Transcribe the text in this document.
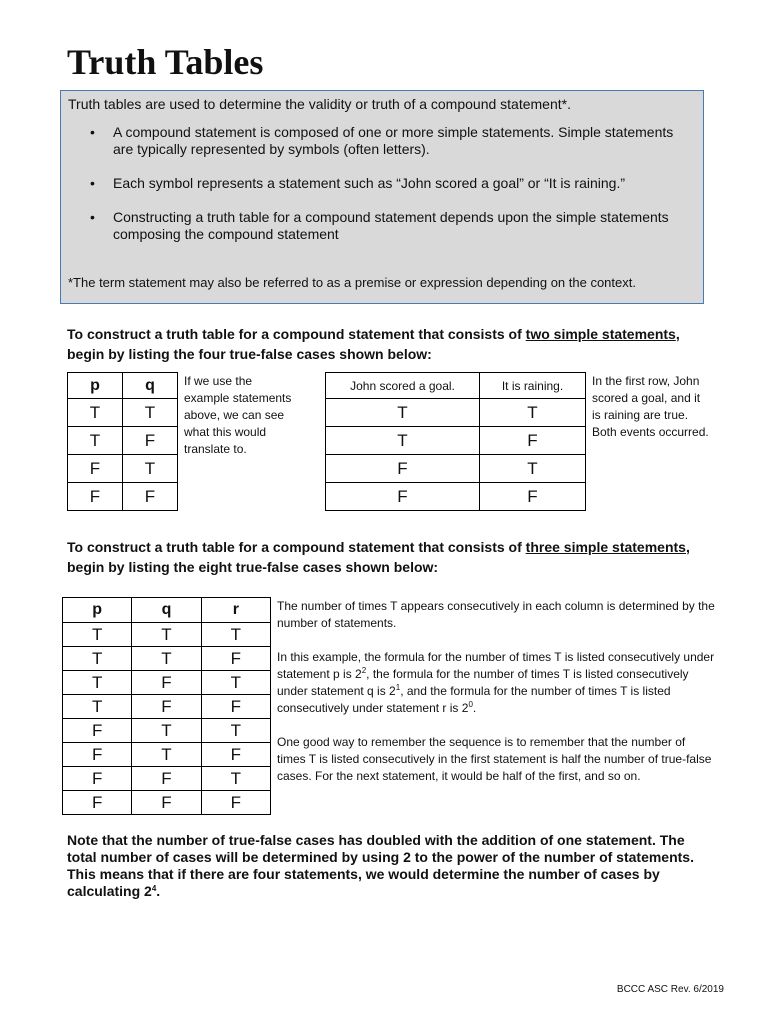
Truth Tables
Truth tables are used to determine the validity or truth of a compound statement*.
• A compound statement is composed of one or more simple statements. Simple statements are typically represented by symbols (often letters).
• Each symbol represents a statement such as “John scored a goal” or “It is raining.”
• Constructing a truth table for a compound statement depends upon the simple statements composing the compound statement
*The term statement may also be referred to as a premise or expression depending on the context.

To construct a truth table for a compound statement that consists of two simple statements, begin by listing the four true-false cases shown below:

p	q
T	T
T	F
F	T
F	F
If we use the example statements above, we can see what this would translate to.
John scored a goal.	It is raining.
T	T
T	F
F	T
F	F
In the first row, John scored a goal, and it is raining are true. Both events occurred.

To construct a truth table for a compound statement that consists of three simple statements, begin by listing the eight true-false cases shown below:

p	q	r
T	T	T
T	T	F
T	F	T
T	F	F
F	T	T
F	T	F
F	F	T
F	F	F

The number of times T appears consecutively in each column is determined by the number of statements.

In this example, the formula for the number of times T is listed consecutively under statement p is $2^2$, the formula for the number of times T is listed consecutively under statement q is $2^1$, and the formula for the number of times T is listed consecutively under statement r is $2^0$.

One good way to remember the sequence is to remember that the number of times T is listed consecutively in the first statement is half the number of true-false cases. For the next statement, it would be half of the first, and so on.

Note that the number of true-false cases has doubled with the addition of one statement. The total number of cases will be determined by using 2 to the power of the number of statements. This means that if there are four statements, we would determine the number of cases by calculating $2^4$.

BCCC ASC Rev. 6/2019
